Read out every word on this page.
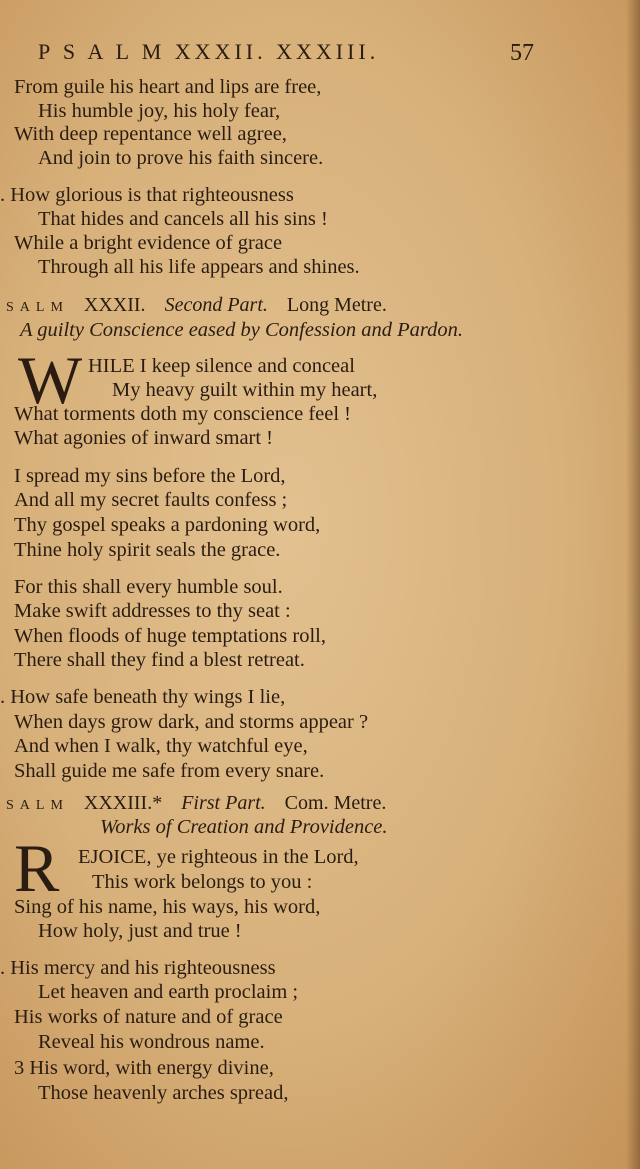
P S A L M XXXII. XXXIII.	57
From guile his heart and lips are free,
His humble joy, his holy fear,
With deep repentance well agree,
And join to prove his faith sincere.
. How glorious is that righteousness
That hides and cancels all his sins !
While a bright evidence of grace
Through all his life appears and shines.
SALM XXXII. Second Part. Long Metre.
A guilty Conscience eased by Confession and Pardon.
W HILE I keep silence and conceal
My heavy guilt within my heart,
What torments doth my conscience feel !
What agonies of inward smart !
I spread my sins before the Lord,
And all my secret faults confess ;
Thy gospel speaks a pardoning word,
Thine holy spirit seals the grace.
For this shall every humble soul.
Make swift addresses to thy seat :
When floods of huge temptations roll,
There shall they find a blest retreat.
. How safe beneath thy wings I lie,
When days grow dark, and storms appear ?
And when I walk, thy watchful eye,
Shall guide me safe from every snare.
SALM XXXIII.* First Part. Com. Metre.
Works of Creation and Providence.
R EJOICE, ye righteous in the Lord,
This work belongs to you :
Sing of his name, his ways, his word,
How holy, just and true !
. His mercy and his righteousness
Let heaven and earth proclaim ;
His works of nature and of grace
Reveal his wondrous name.
3 His word, with energy divine,
Those heavenly arches spread,
